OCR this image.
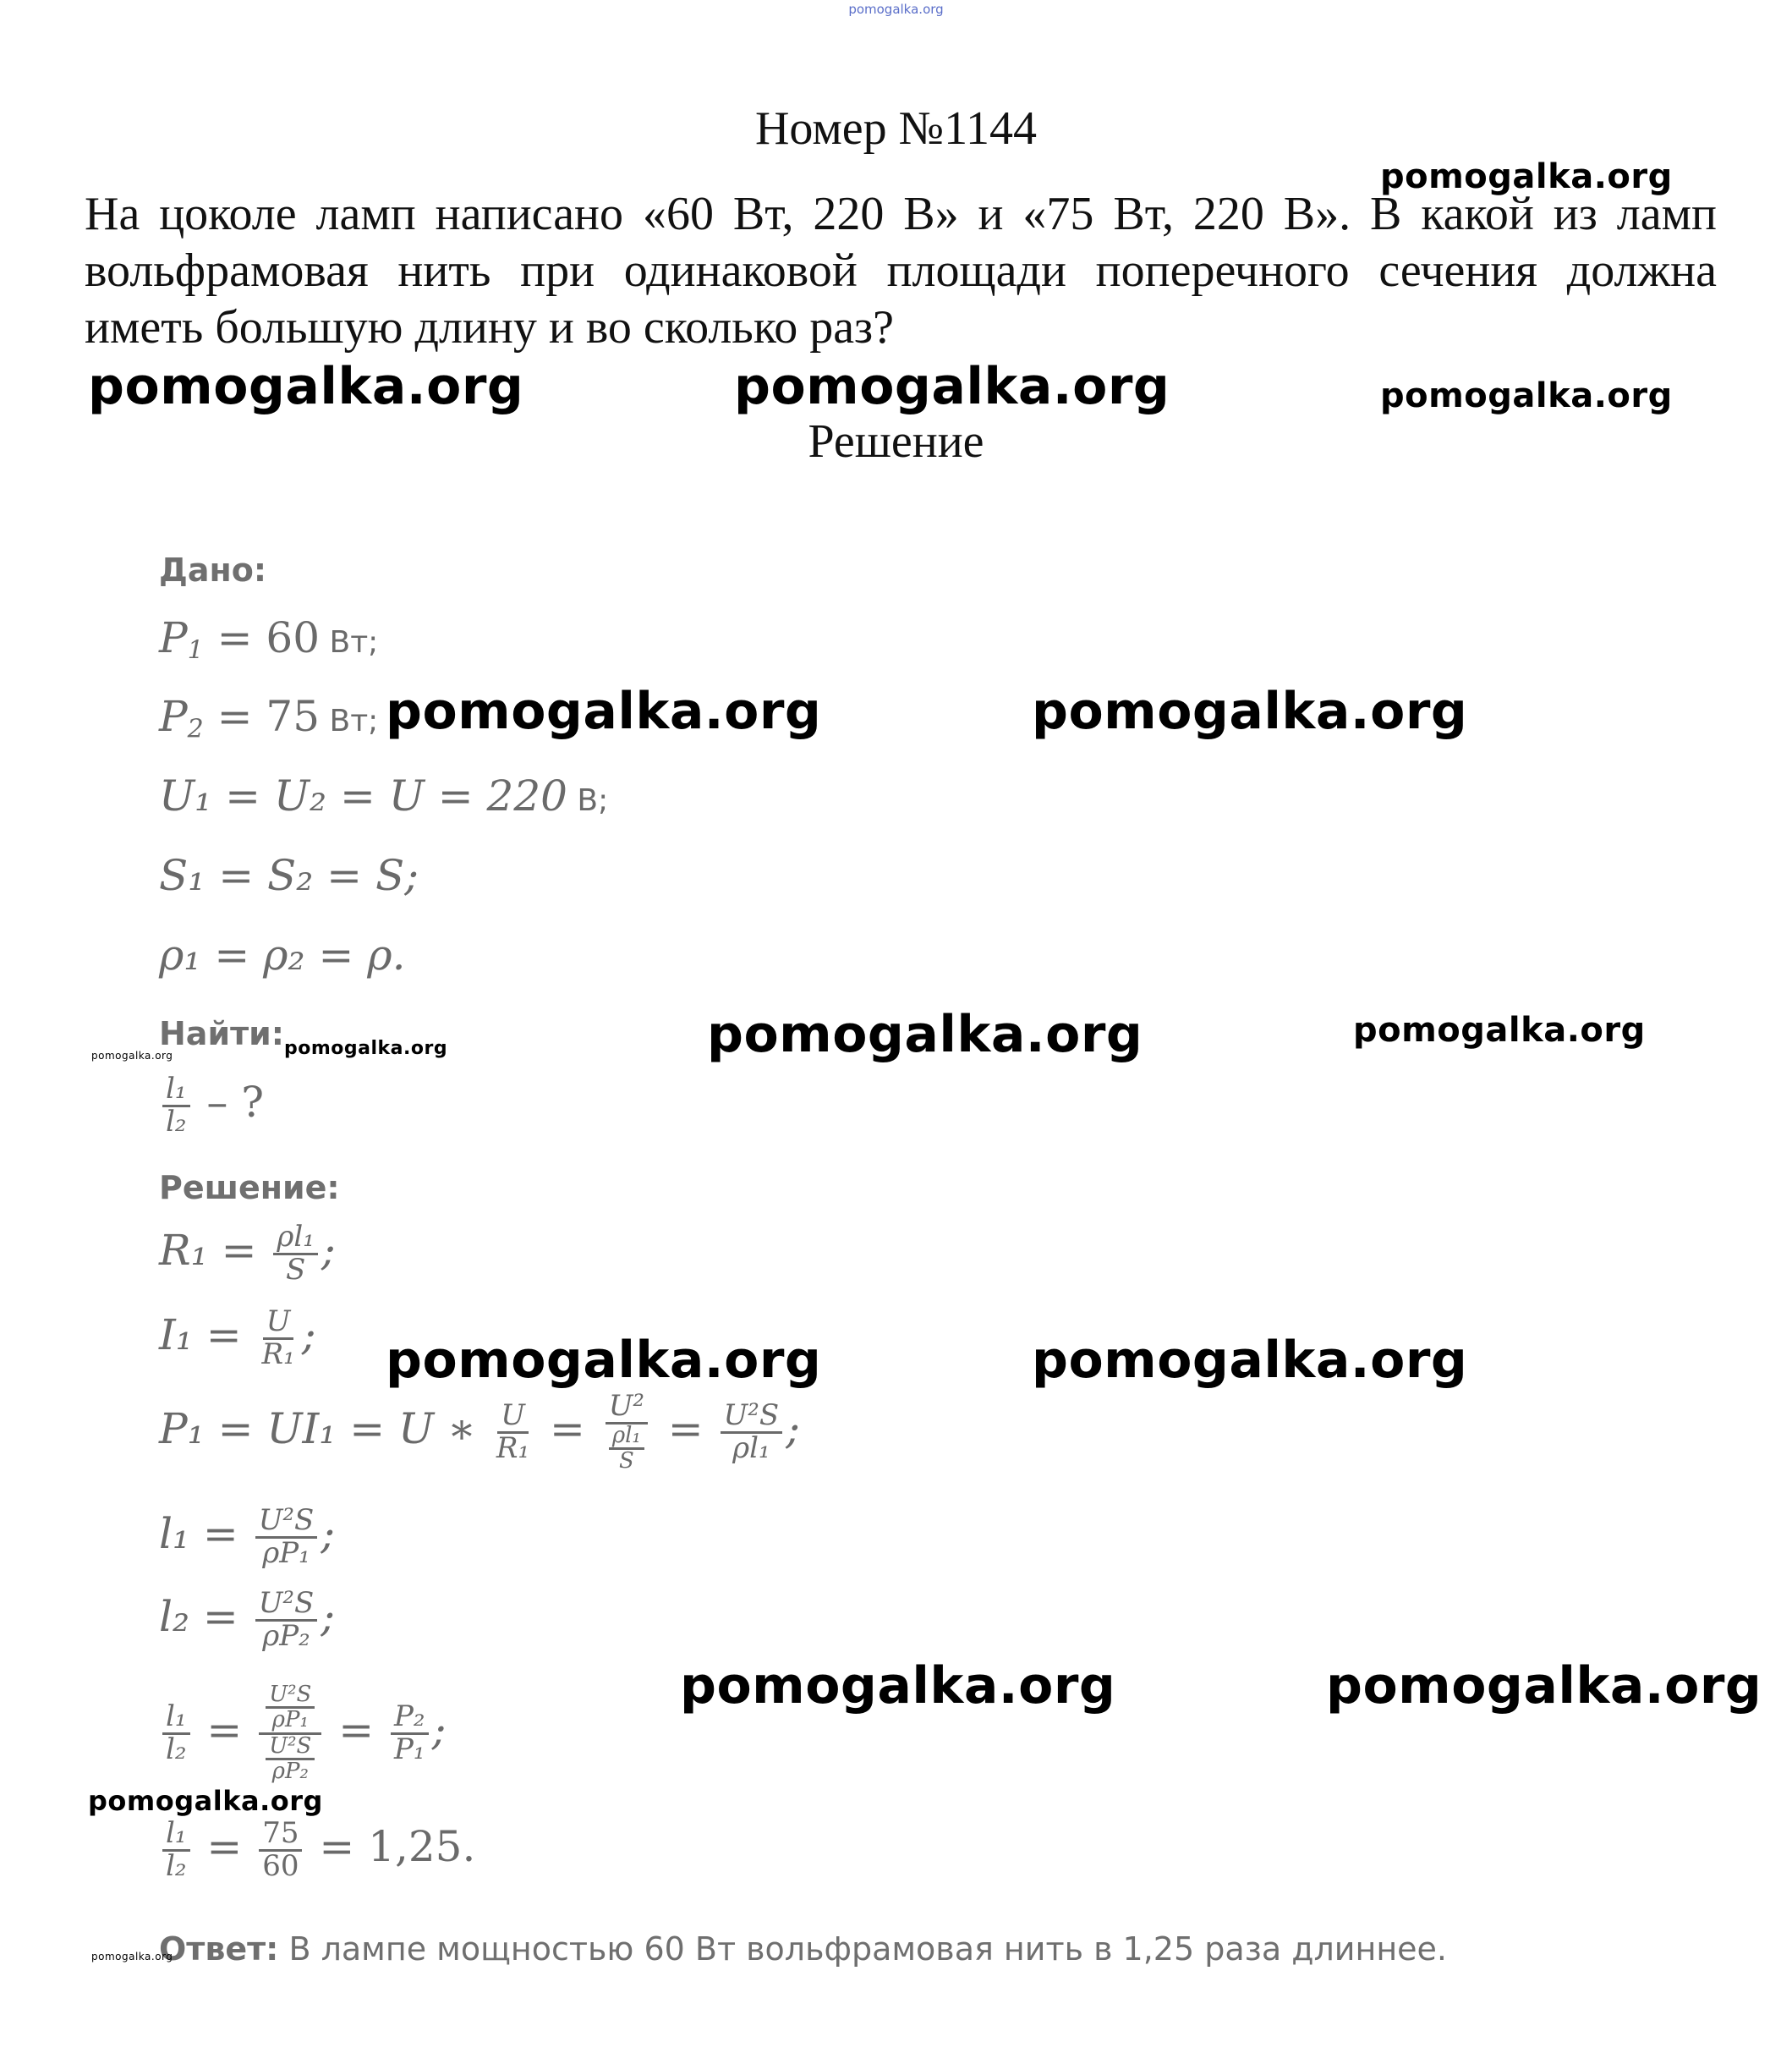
pomogalka.org
Номер №1144
На цоколе ламп написано «60 Вт, 220 В» и «75 Вт, 220 В». В какой из ламп вольфрамовая нить при одинаковой площади поперечного сечения должна иметь большую длину и во сколько раз?
Решение
Дано:
$P_1 = 60$ Вт;
$P_2 = 75$ Вт;
U₁ = U₂ = U = 220 В;
S₁ = S₂ = S;
ρ₁ = ρ₂ = ρ.
Найти:
$\frac{\text{l₁}}{\text{l₂}}$ – ?
Решение:
$R_1 = \frac{\text{ρl₁}}{S}$ ;
$I_1 = \frac{U}{\text{R₁}}$ ;
P₁ = UI₁ = U ∗ $\frac{U}{\text{R₁}} = \frac{\text{U²}}{\frac{\text{ρl₁}}{S}} = \frac{\text{U²S}}{\text{ρl₁}}$ ;
$l_1 = \frac{\text{U²S}}{\text{ρP₁}}$ ;
$l_2 = \frac{\text{U²S}}{\text{ρP₂}}$ ;
$\frac{\text{l₁}}{\text{l₂}} = \frac{\frac{\text{U²S}}{\text{ρP₁}}}{\frac{\text{U²S}}{\text{ρP₂}}} = \frac{\text{P₂}}{\text{P₁}}$ ;
$\frac{\text{l₁}}{\text{l₂}} = \frac{75}{60} = 1,25$.
Ответ: В лампе мощностью 60 Вт вольфрамовая нить в 1,25 раза длиннее.
pomogalka.org
pomogalka.org	pomogalka.org	pomogalka.org
pomogalka.org	pomogalka.org
pomogalka.org	pomogalka.org	pomogalka.org	pomogalka.org
pomogalka.org	pomogalka.org
pomogalka.org	pomogalka.org
pomogalka.org
pomogalka.org
